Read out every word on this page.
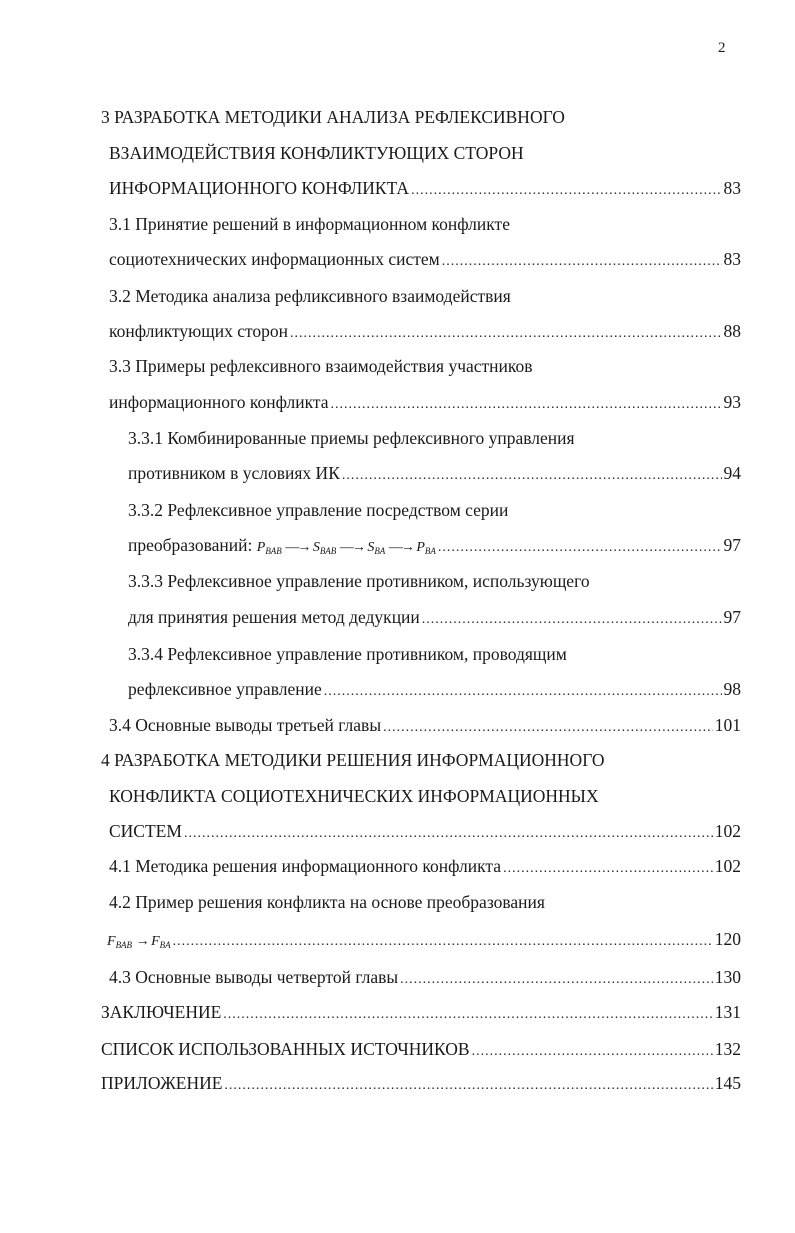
2
3 РАЗРАБОТКА МЕТОДИКИ АНАЛИЗА РЕФЛЕКСИВНОГО
ВЗАИМОДЕЙСТВИЯ КОНФЛИКТУЮЩИХ СТОРОН
ИНФОРМАЦИОННОГО КОНФЛИКТА .....	83
3.1 Принятие решений в информационном конфликте
социотехнических информационных систем .....	83
3.2 Методика анализа рефликсивного взаимодействия
конфликтующих сторон .....	88
3.3 Примеры рефлексивного взаимодействия участников
информационного конфликта .....	93
3.3.1 Комбинированные приемы рефлексивного управления
противником в условиях ИК .....	94
3.3.2 Рефлексивное управление посредством серии
преобразований: $P_{BAB}$ —→ $S_{BAB}$ —→ $S_{BA}$ —→ $P_{BA}$ .....	97
3.3.3 Рефлексивное управление противником, использующего
для принятия решения метод дедукции .....	97
3.3.4 Рефлексивное управление противником, проводящим
рефлексивное управление .....	98
3.4 Основные выводы третьей главы .....	101
4 РАЗРАБОТКА МЕТОДИКИ РЕШЕНИЯ ИНФОРМАЦИОННОГО
КОНФЛИКТА СОЦИОТЕХНИЧЕСКИХ ИНФОРМАЦИОННЫХ
СИСТЕМ .....	102
4.1 Методика решения информационного конфликта .....	102
4.2 Пример решения конфликта на основе преобразования
$F_{BAB} \to F_{BA}$ .....	120
4.3 Основные выводы четвертой главы .....	130
ЗАКЛЮЧЕНИЕ .....	131
СПИСОК ИСПОЛЬЗОВАННЫХ ИСТОЧНИКОВ .....	132
ПРИЛОЖЕНИЕ .....	145
